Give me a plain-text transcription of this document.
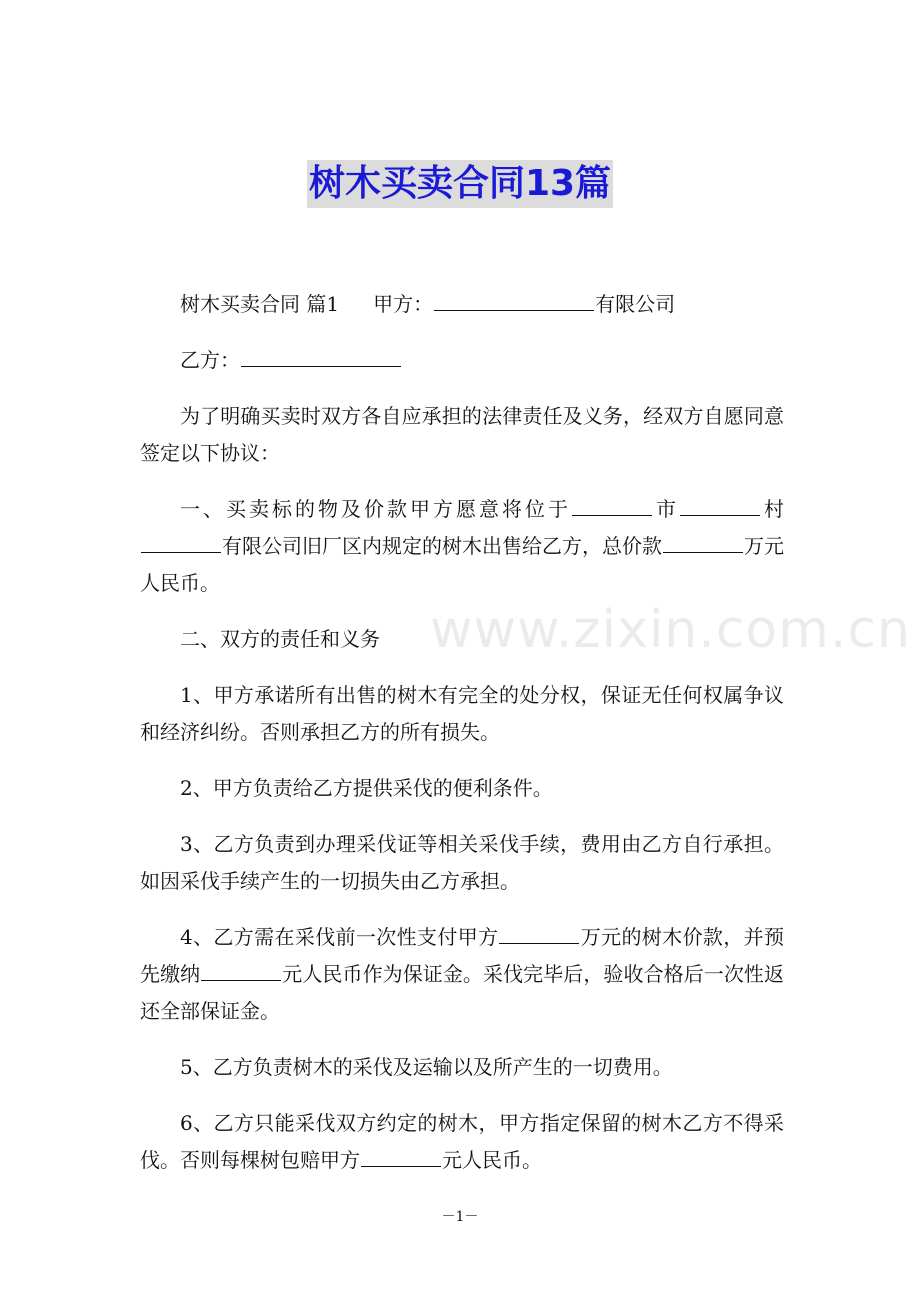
树木买卖合同13篇
www.zixin.com.cn

树木买卖合同 篇1 甲方：	有限公司

乙方：

为了明确买卖时双方各自应承担的法律责任及义务，经双方自愿同意签定以下协议：

一、买卖标的物及价款甲方愿意将位于	市	村有限公司旧厂区内规定的树木出售给乙方，总价款	万元人民币。

二、双方的责任和义务

1、甲方承诺所有出售的树木有完全的处分权，保证无任何权属争议和经济纠纷。否则承担乙方的所有损失。

2、甲方负责给乙方提供采伐的便利条件。

3、乙方负责到办理采伐证等相关采伐手续，费用由乙方自行承担。如因采伐手续产生的一切损失由乙方承担。

4、乙方需在采伐前一次性支付甲方	万元的树木价款，并预先缴纳	元人民币作为保证金。采伐完毕后，验收合格后一次性返还全部保证金。

5、乙方负责树木的采伐及运输以及所产生的一切费用。

6、乙方只能采伐双方约定的树木，甲方指定保留的树木乙方不得采伐。否则每棵树包赔甲方	元人民币。

－1－
